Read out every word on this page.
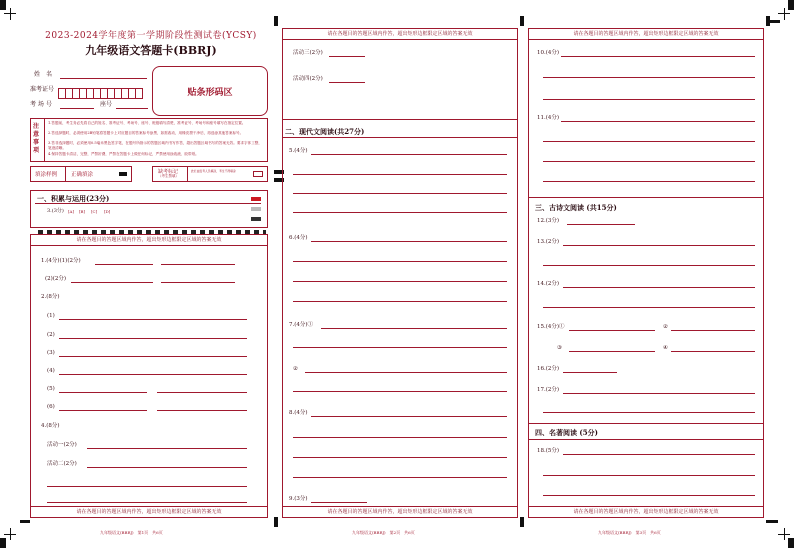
2023-2024学年度第一学期阶段性测试卷(YCSY)
九年级语文答题卡(BBRJ)
姓　名
准考证号
考 场 号	座号
贴条形码区
注意事项
1.答题前，考生务必先将自己的姓名、准考证号、考场号、座号、班级填写清楚，准考证号、考场号和座号填写在指定位置。
2.答选择题时，必须使用2B铅笔将答题卡上对应题目的答案标号涂黑，如需改动，用橡皮擦干净后，再选涂其他答案标号。
3.答非选择题时，必须使用0.5毫米黑色签字笔，在题号所指示的答题区域内书写作答，超出答题区域书写的答案无效。要求字体工整，笔迹清晰。
4.保持答题卡清洁，完整，严禁折叠，严禁在答题卡上做任何标记，严禁使用涂改液、胶带纸。
填涂样例	正确填涂	缺考标记
（考生禁填）
此栏由监考人员填涂，考生不得填涂
一、积累与运用(23分)
3.(3分) [A] [B] [C] [D]
请在各题目的答题区域内作答，超出矩形边框限定区域的答案无效
1.(4分)(1)(2分)
(2)(2分)
2.(8分)
(1)
(2)
(3)
(4)
(5)
(6)
4.(8分)
活动一(2分)
活动二(2分)
请在各题目的答题区域内作答，超出矩形边框限定区域的答案无效
九年级语文(BBRJ)　第1页　共6页
请在各题目的答题区域内作答，超出矩形边框限定区域的答案无效
活动三(2分)
活动四(2分)
二、现代文阅读(共27分)
5.(4分)
6.(4分)
7.(4分)①
②
8.(4分)
9.(3分)
请在各题目的答题区域内作答，超出矩形边框限定区域的答案无效
九年级语文(BBRJ)　第2页　共6页
请在各题目的答题区域内作答，超出矩形边框限定区域的答案无效
10.(4分)
11.(4分)
三、古诗文阅读 (共15分)
12.(3分)
13.(2分)
14.(2分)
15.(4分)①	②
③	④
16.(2分)
17.(2分)
四、名著阅读 (5分)
18.(5分)
请在各题目的答题区域内作答，超出矩形边框限定区域的答案无效
九年级语文(BBRJ)　第3页　共6页
